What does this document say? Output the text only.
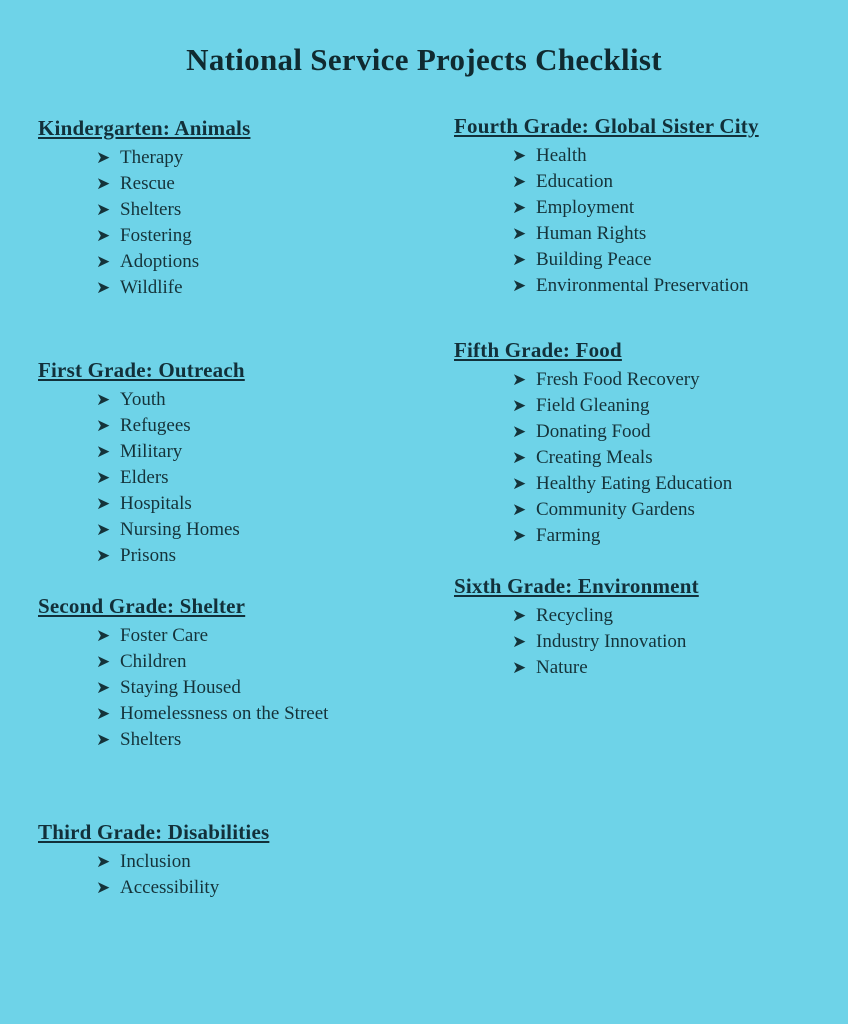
National Service Projects Checklist
Kindergarten: Animals
➤ Therapy
➤ Rescue
➤ Shelters
➤ Fostering
➤ Adoptions
➤ Wildlife
First Grade: Outreach
➤ Youth
➤ Refugees
➤ Military
➤ Elders
➤ Hospitals
➤ Nursing Homes
➤ Prisons
Second Grade: Shelter
➤ Foster Care
➤ Children
➤ Staying Housed
➤ Homelessness on the Street
➤ Shelters
Third Grade: Disabilities
➤ Inclusion
➤ Accessibility
Fourth Grade: Global Sister City
➤ Health
➤ Education
➤ Employment
➤ Human Rights
➤ Building Peace
➤ Environmental Preservation
Fifth Grade: Food
➤ Fresh Food Recovery
➤ Field Gleaning
➤ Donating Food
➤ Creating Meals
➤ Healthy Eating Education
➤ Community Gardens
➤ Farming
Sixth Grade: Environment
➤ Recycling
➤ Industry Innovation
➤ Nature
